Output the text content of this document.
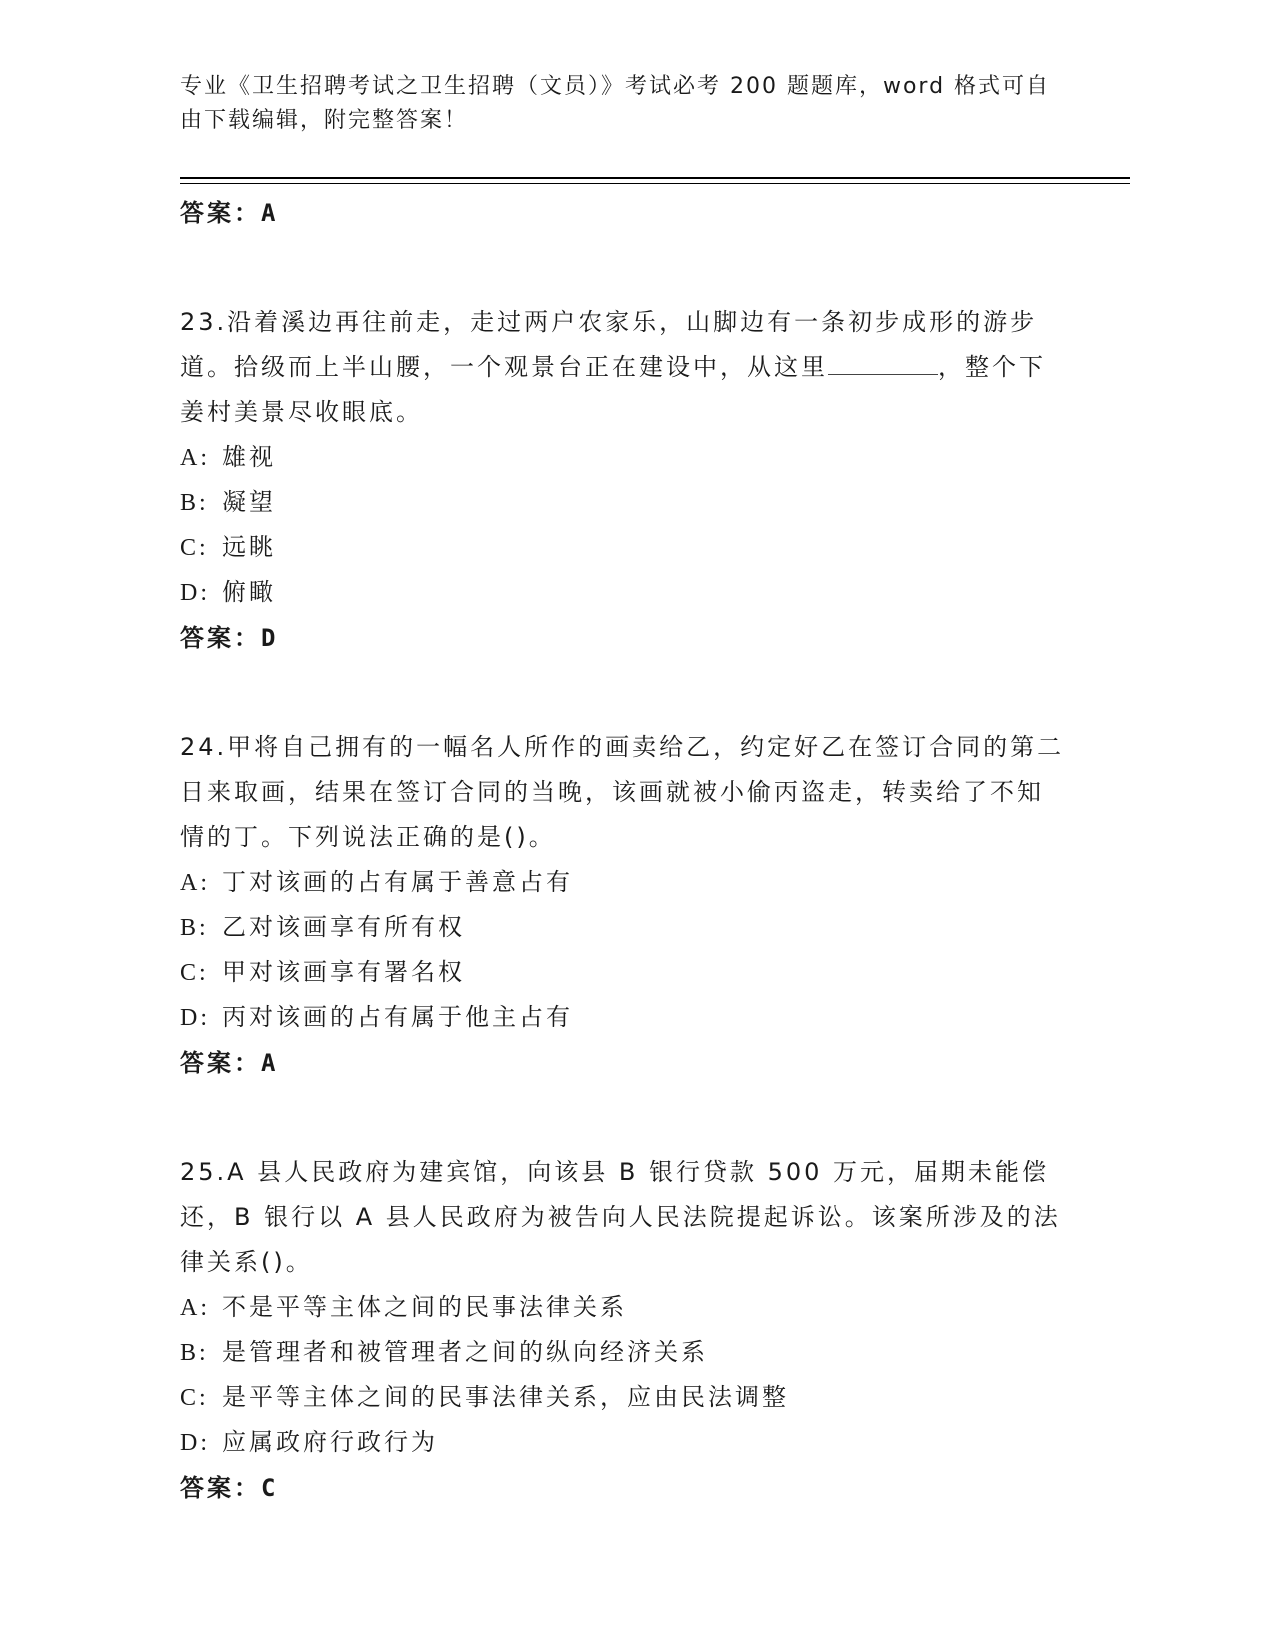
专业《卫生招聘考试之卫生招聘（文员）》考试必考 200 题题库，word 格式可自由下载编辑，附完整答案！

答案：A

23.沿着溪边再往前走，走过两户农家乐，山脚边有一条初步成形的游步道。拾级而上半山腰，一个观景台正在建设中，从这里	，整个下姜村美景尽收眼底。

A: 雄视

B: 凝望

C: 远眺

D: 俯瞰

答案：D

24.甲将自己拥有的一幅名人所作的画卖给乙，约定好乙在签订合同的第二日来取画，结果在签订合同的当晚，该画就被小偷丙盗走，转卖给了不知情的丁。下列说法正确的是()。

A: 丁对该画的占有属于善意占有

B: 乙对该画享有所有权

C: 甲对该画享有署名权

D: 丙对该画的占有属于他主占有

答案：A

25.A 县人民政府为建宾馆，向该县 B 银行贷款 500 万元，届期未能偿还，B 银行以 A 县人民政府为被告向人民法院提起诉讼。该案所涉及的法律关系()。

A: 不是平等主体之间的民事法律关系

B: 是管理者和被管理者之间的纵向经济关系

C: 是平等主体之间的民事法律关系，应由民法调整

D: 应属政府行政行为

答案：C
